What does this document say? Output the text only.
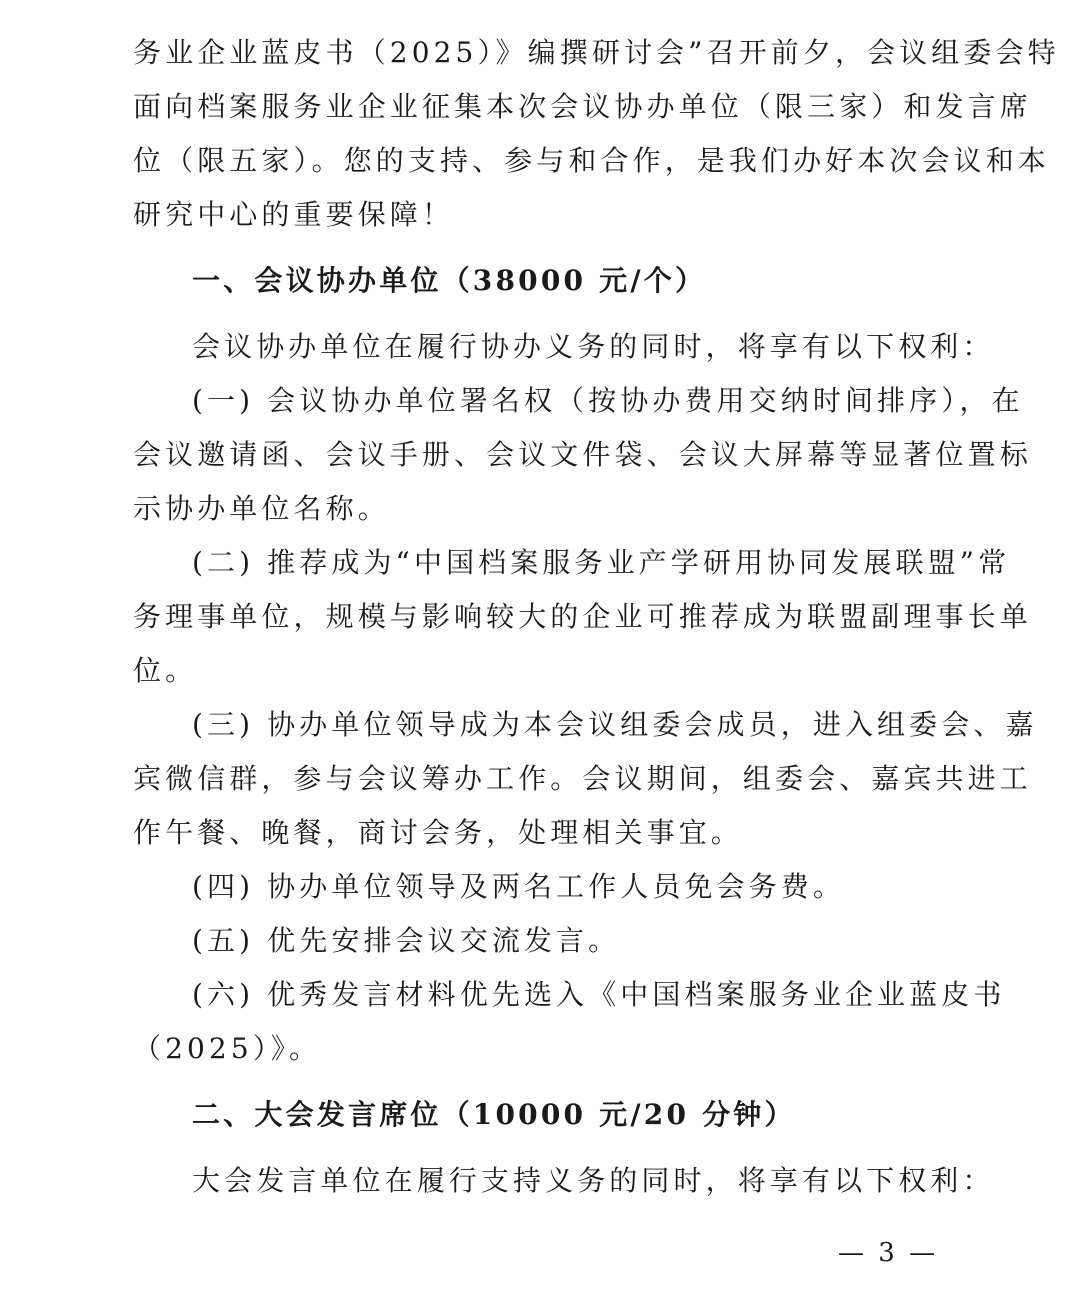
务业企业蓝皮书（2025）》编撰研讨会”召开前夕，会议组委会特
面向档案服务业企业征集本次会议协办单位（限三家）和发言席
位（限五家）。您的支持、参与和合作，是我们办好本次会议和本
研究中心的重要保障！
一、会议协办单位（38000 元/个）
会议协办单位在履行协办义务的同时，将享有以下权利：
(一) 会议协办单位署名权（按协办费用交纳时间排序），在
会议邀请函、会议手册、会议文件袋、会议大屏幕等显著位置标
示协办单位名称。
(二) 推荐成为“中国档案服务业产学研用协同发展联盟”常
务理事单位，规模与影响较大的企业可推荐成为联盟副理事长单
位。
(三) 协办单位领导成为本会议组委会成员，进入组委会、嘉
宾微信群，参与会议筹办工作。会议期间，组委会、嘉宾共进工
作午餐、晚餐，商讨会务，处理相关事宜。
(四) 协办单位领导及两名工作人员免会务费。
(五) 优先安排会议交流发言。
(六) 优秀发言材料优先选入《中国档案服务业企业蓝皮书
（2025）》。
二、大会发言席位（10000 元/20 分钟）
大会发言单位在履行支持义务的同时，将享有以下权利：
— 3 —
